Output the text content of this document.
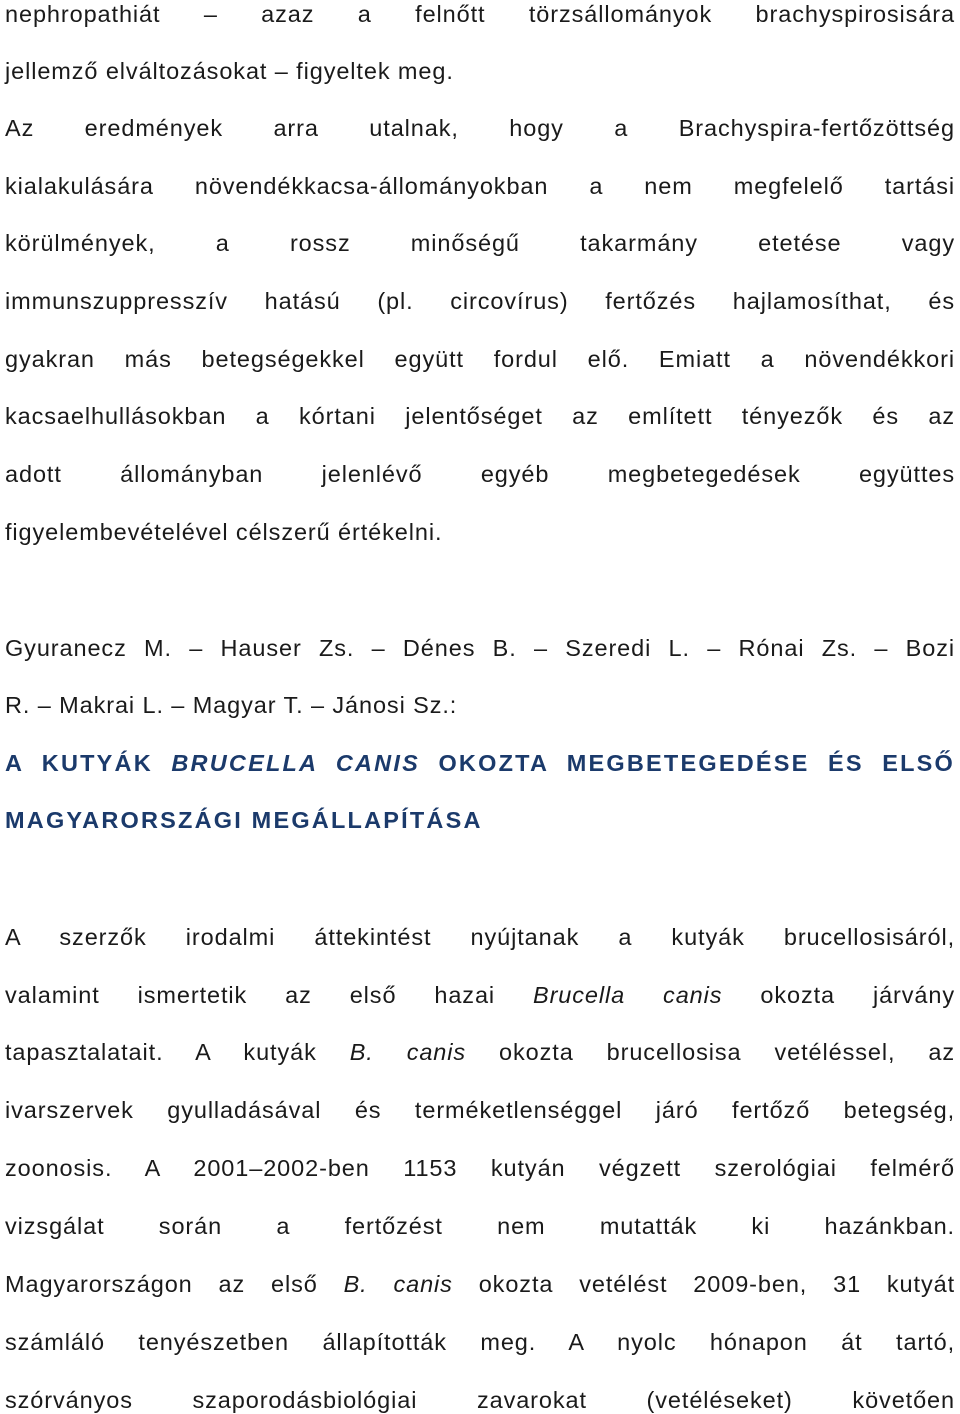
nephropathiát – azaz a felnőtt törzsállományok brachyspirosisára
jellemző elváltozásokat – figyeltek meg.
Az eredmények arra utalnak, hogy a Brachyspira-fertőzöttség
kialakulására növendékkacsa-állományokban a nem megfelelő tartási
körülmények, a rossz minőségű takarmány etetése vagy
immunszuppresszív hatású (pl. circovírus) fertőzés hajlamosíthat, és
gyakran más betegségekkel együtt fordul elő. Emiatt a növendékkori
kacsaelhullásokban a kórtani jelentőséget az említett tényezők és az
adott állományban jelenlévő egyéb megbetegedések együttes
figyelembevételével célszerű értékelni.
Gyuranecz M. – Hauser Zs. – Dénes B. – Szeredi L. – Rónai Zs. – Bozi
R. – Makrai L. – Magyar T. – Jánosi Sz.:
A KUTYÁK BRUCELLA CANIS OKOZTA MEGBETEGEDÉSE ÉS ELSŐ
MAGYARORSZÁGI MEGÁLLAPÍTÁSA
A szerzők irodalmi áttekintést nyújtanak a kutyák brucellosisáról,
valamint ismertetik az első hazai Brucella canis okozta járvány
tapasztalatait. A kutyák B. canis okozta brucellosisa vetéléssel, az
ivarszervek gyulladásával és terméketlenséggel járó fertőző betegség,
zoonosis. A 2001–2002-ben 1153 kutyán végzett szerológiai felmérő
vizsgálat során a fertőzést nem mutatták ki hazánkban.
Magyarországon az első B. canis okozta vetélést 2009-ben, 31 kutyát
számláló tenyészetben állapították meg. A nyolc hónapon át tartó,
szórványos szaporodásbiológiai zavarokat (vetéléseket) követően
